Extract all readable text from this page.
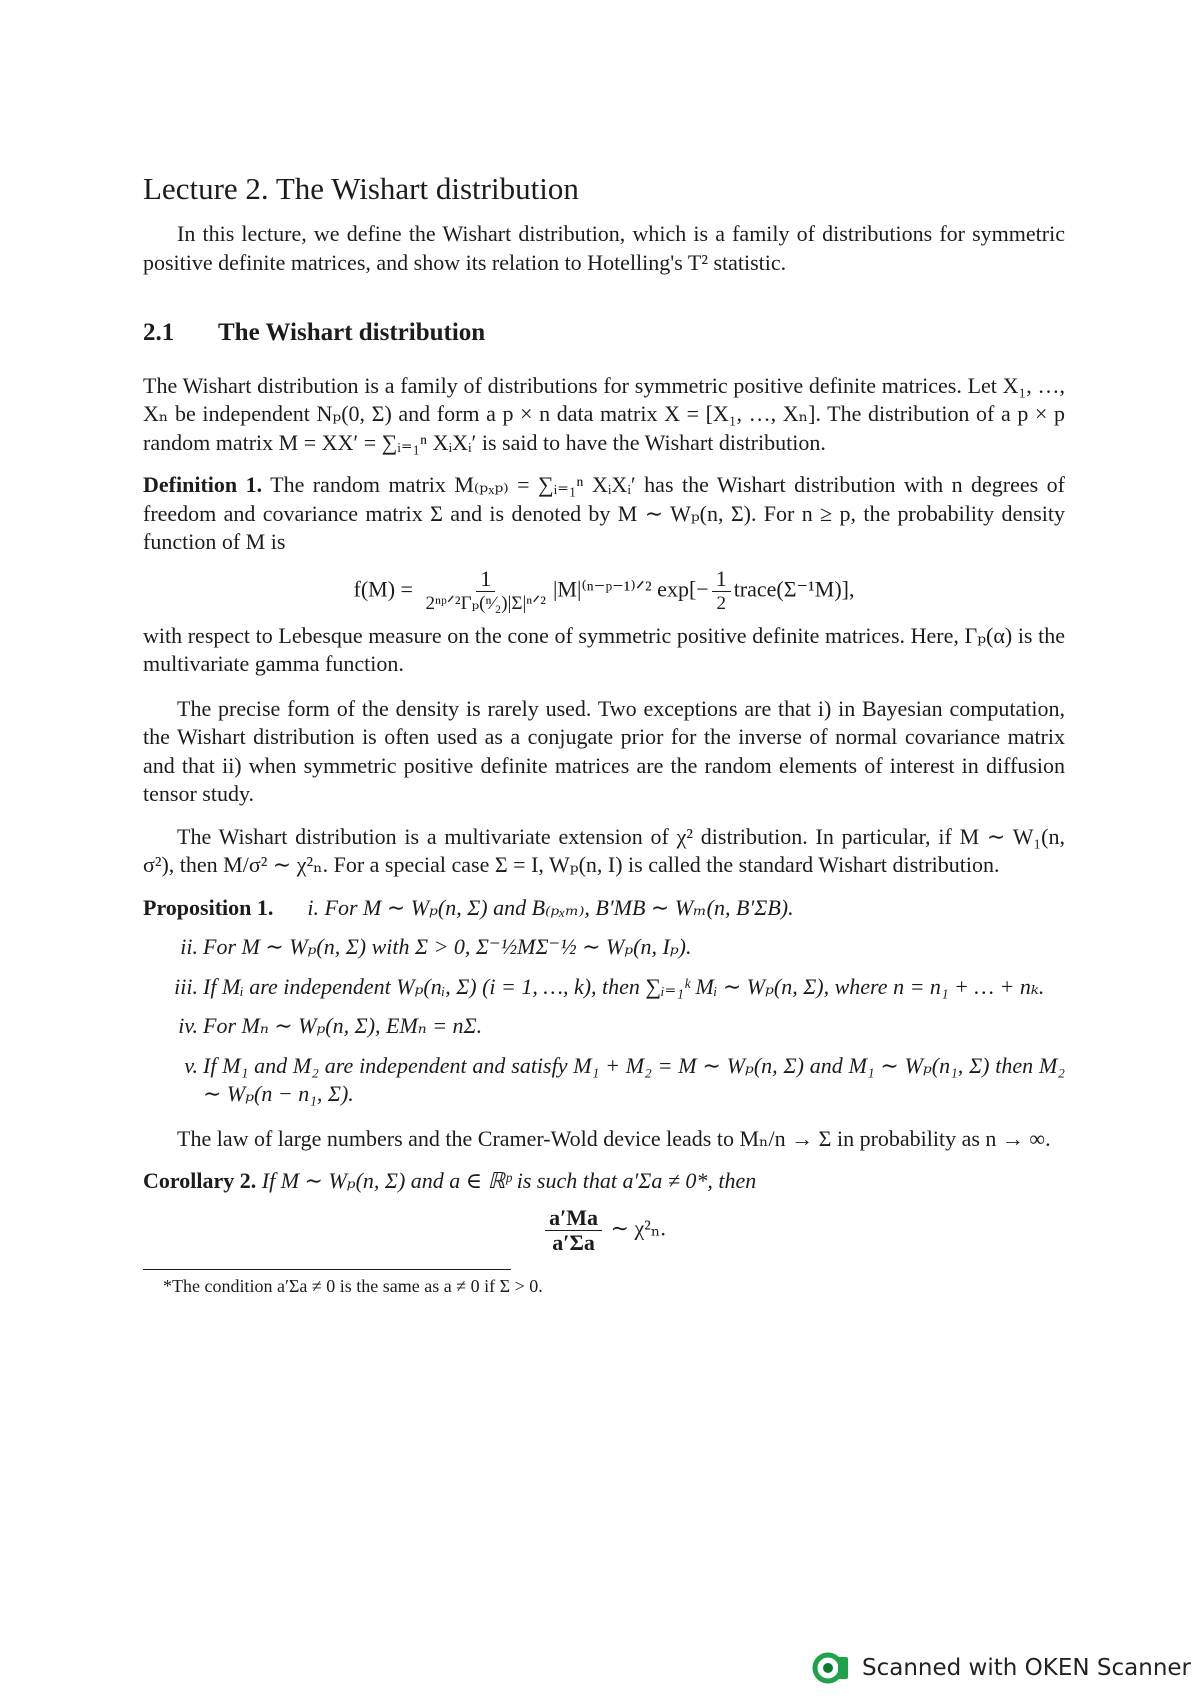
Lecture 2. The Wishart distribution

In this lecture, we define the Wishart distribution, which is a family of distributions for symmetric positive definite matrices, and show its relation to Hotelling's T² statistic.

2.1 The Wishart distribution

The Wishart distribution is a family of distributions for symmetric positive definite matrices. Let X₁, …, Xₙ be independent Nₚ(0, Σ) and form a p × n data matrix X = [X₁, …, Xₙ]. The distribution of a p × p random matrix M = XX′ = ∑ᵢ₌₁ⁿ XᵢXᵢ′ is said to have the Wishart distribution.

Definition 1. The random matrix M₍ₚₓₚ₎ = ∑ᵢ₌₁ⁿ XᵢXᵢ′ has the Wishart distribution with n degrees of freedom and covariance matrix Σ and is denoted by M ∼ Wₚ(n, Σ). For n ≥ p, the probability density function of M is

$f(M) = \frac{1}{\text{2ⁿᵖᐟ²Γₚ(ⁿ⁄₂)|Σ|ⁿᐟ²}}$ |M|⁽ⁿ⁻ᵖ⁻¹⁾ᐟ² $\exp[- \frac{1}{2}$ trace(Σ⁻¹M)],

with respect to Lebesque measure on the cone of symmetric positive definite matrices. Here, Γₚ(α) is the multivariate gamma function.

The precise form of the density is rarely used. Two exceptions are that i) in Bayesian computation, the Wishart distribution is often used as a conjugate prior for the inverse of normal covariance matrix and that ii) when symmetric positive definite matrices are the random elements of interest in diffusion tensor study.

The Wishart distribution is a multivariate extension of χ² distribution. In particular, if M ∼ W₁(n, σ²), then M/σ² ∼ χ²ₙ. For a special case Σ = I, Wₚ(n, I) is called the standard Wishart distribution.

Proposition 1. i. For M ∼ Wₚ(n, Σ) and B₍ₚₓₘ₎, B′MB ∼ Wₘ(n, B′ΣB).
ii. For M ∼ Wₚ(n, Σ) with Σ > 0, Σ⁻½MΣ⁻½ ∼ Wₚ(n, Iₚ).
iii. If Mᵢ are independent Wₚ(nᵢ, Σ) (i = 1, …, k), then ∑ᵢ₌₁ᵏ Mᵢ ∼ Wₚ(n, Σ), where n = n₁ + … + nₖ.
iv. For Mₙ ∼ Wₚ(n, Σ), EMₙ = nΣ.
v. If M₁ and M₂ are independent and satisfy M₁ + M₂ = M ∼ Wₚ(n, Σ) and M₁ ∼ Wₚ(n₁, Σ) then M₂ ∼ Wₚ(n − n₁, Σ).

The law of large numbers and the Cramer-Wold device leads to Mₙ/n → Σ in probability as n → ∞.

Corollary 2. If M ∼ Wₚ(n, Σ) and a ∈ ℝᵖ is such that a′Σa ≠ 0*, then

$\frac{a'Ma}{a'\Sigma a}$ ∼ χ²ₙ.
*The condition a′Σa ≠ 0 is the same as a ≠ 0 if Σ > 0.
Scanned with OKEN Scanner
